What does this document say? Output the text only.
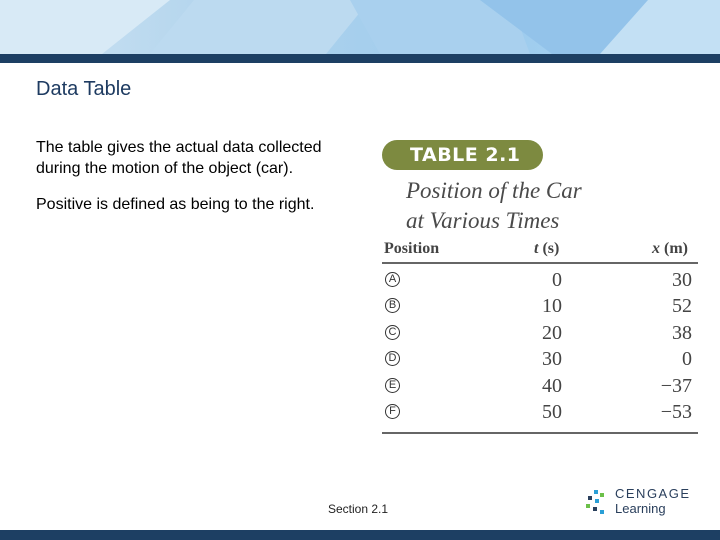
Data Table

The table gives the actual data collected during the motion of the object (car).

Positive is defined as being to the right.

TABLE 2.1
Position of the Car
at Various Times
Position	t (s)	x (m)
A	0	30
B	10	52
C	20	38
D	30	0
E	40	−37
F	50	−53
Section 2.1
CENGAGE
Learning
